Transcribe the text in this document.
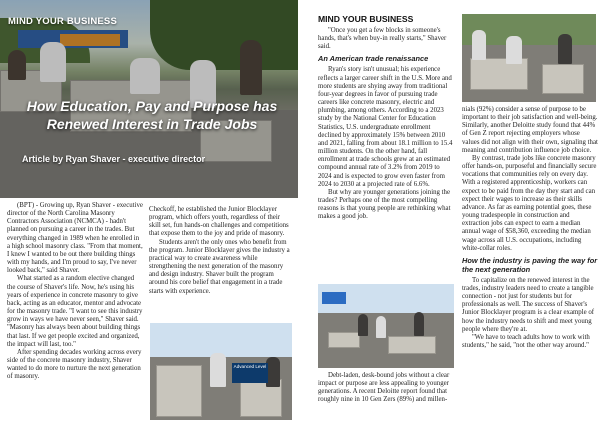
MIND YOUR BUSINESS
How Education, Pay and Purpose has Renewed Interest in Trade Jobs
Article by Ryan Shaver - executive director

(BPT) - Growing up, Ryan Shaver - executive director of the North Carolina Masonry Contractors Association (NCMCA) - hadn't planned on pursuing a career in the trades. But everything changed in 1989 when he enrolled in a high school masonry class. "From that moment, I knew I wanted to be out there building things with my hands, and I'm proud to say, I've never looked back," said Shaver.

What started as a random elective changed the course of Shaver's life. Now, he's using his years of experience in concrete masonry to give back, acting as an educator, mentor and advocate for the masonry trade. "I want to see this industry grow in ways we have never seen," Shaver said. "Masonry has always been about building things that last. If we get people excited and organized, the impact will last, too."

After spending decades working across every side of the concrete masonry industry, Shaver wanted to do more to nurture the next generation of masonry.

Checkoff, he established the Junior Blocklayer program, which offers youth, regardless of their skill set, fun hands-on challenges and competitions that expose them to the joy and pride of masonry.

Students aren't the only ones who benefit from the program. Junior Blocklayer gives the industry a practical way to create awareness while strengthening the next generation of the masonry and design industry. Shaver built the program around his core belief that engagement in a trade starts with experience.

Advanced Level
MIND YOUR BUSINESS

"Once you get a few blocks in someone's hands, that's when buy-in really starts," Shaver said.

An American trade renaissance

Ryan's story isn't unusual; his experience reflects a larger career shift in the U.S. More and more students are shying away from traditional four-year degrees in favor of pursuing trade careers like concrete masonry, electric and plumbing, among others. According to a 2023 study by the National Center for Education Statistics, U.S. undergraduate enrollment declined by approximately 15% between 2010 and 2021, falling from about 18.1 million to 15.4 million students. On the other hand, fall enrollment at trade schools grew at an estimated compound annual rate of 3.2% from 2019 to 2024 and is expected to grow even faster from 2024 to 2030 at a projected rate of 6.6%.

But why are younger generations joining the trades? Perhaps one of the most compelling reasons is that young people are rethinking what makes a good job.

Debt-laden, desk-bound jobs without a clear impact or purpose are less appealing to younger generations. A recent Deloitte report found that roughly nine in 10 Gen Zers (89%) and millen-

nials (92%) consider a sense of purpose to be important to their job satisfaction and well-being. Similarly, another Deloitte study found that 44% of Gen Z report rejecting employers whose values did not align with their own, signaling that meaning and contribution influence job choice.

By contrast, trade jobs like concrete masonry offer hands-on, purposeful and financially secure vocations that communities rely on every day. With a registered apprenticeship, workers can expect to be paid from the day they start and can expect their wages to increase as their skills advance. As far as earning potential goes, these young tradespeople in construction and extraction jobs can expect to earn a median annual wage of $58,360, exceeding the median wage across all U.S. occupations, including white-collar roles.

How the industry is paving the way for the next generation

To capitalize on the renewed interest in the trades, industry leaders need to create a tangible connection - not just for students but for professionals as well. The success of Shaver's Junior Blocklayer program is a clear example of how the industry needs to shift and meet young people where they're at.

"We have to teach adults how to work with students," he said, "not the other way around."
